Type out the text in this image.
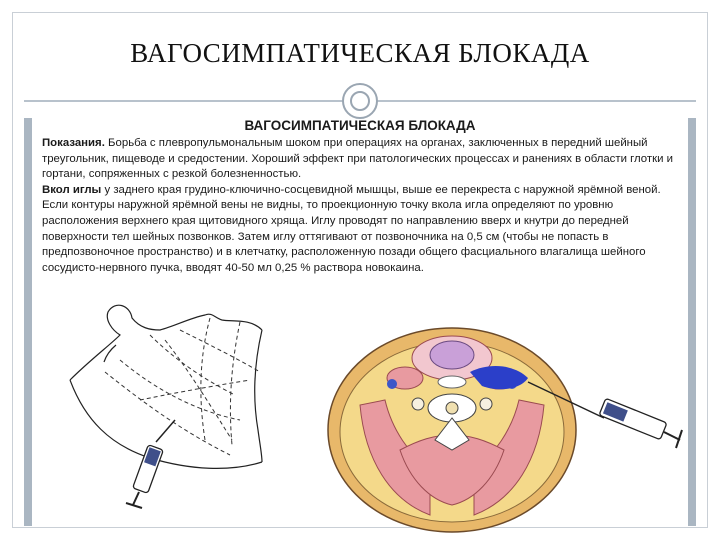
ВАГОСИМПАТИЧЕСКАЯ БЛОКАДА
ВАГОСИМПАТИЧЕСКАЯ БЛОКАДА

Показания. Борьба с плевропульмональным шоком при операциях на органах, заключенных в передний шейный треугольник, пищеводе и средостении. Хороший эффект при патологических процессах и ранениях в области глотки и гортани, сопряженных с резкой болезненностью.

Вкол иглы у заднего края грудино-ключично-сосцевидной мышцы, выше ее перекреста с наружной ярёмной веной. Если контуры наружной ярёмной вены не видны, то проекционную точку вкола игла определяют по уровню расположения верхнего края щитовидного хряща. Иглу проводят по направлению вверх и кнутри до передней поверхности тел шейных позвонков. Затем иглу оттягивают от позвоночника на 0,5 см (чтобы не попасть в предпозвоночное пространство) и в клетчатку, расположенную позади общего фасциального влагалища шейного сосудисто-нервного пучка, вводят 40-50 мл 0,25 % раствора новокаина.
